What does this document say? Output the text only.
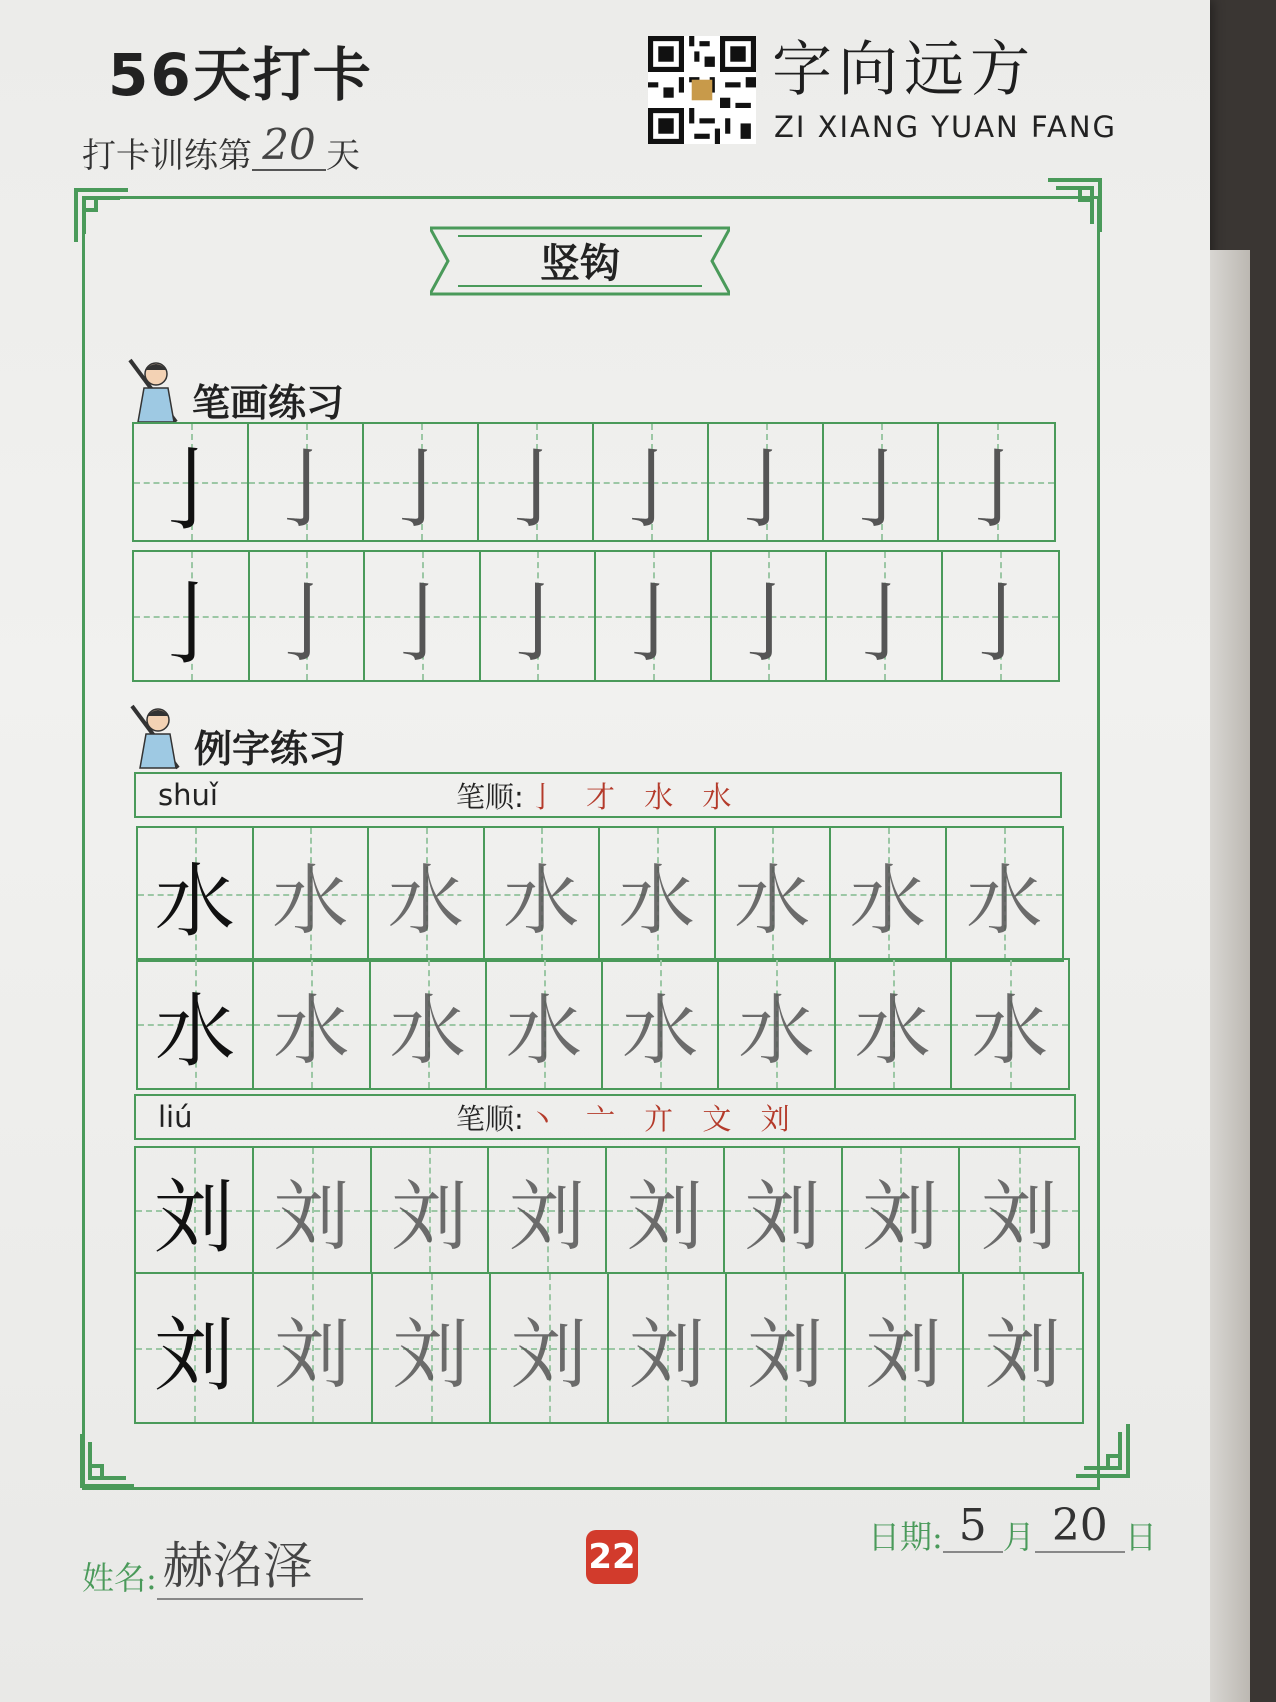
56天打卡
打卡训练第 20 天
字向远方
ZI XIANG YUAN FANG
竖钩
笔画练习
亅 亅 亅 亅 亅 亅 亅 亅
亅 亅 亅 亅 亅 亅 亅 亅
例字练习
shuǐ	笔顺: 亅 才 水 水
水 水 水 水 水 水 水 水
水 水 水 水 水 水 水 水
liú	笔顺: 丶 亠 亣 文 刘
刘 刘 刘 刘 刘 刘 刘 刘
刘 刘 刘 刘 刘 刘 刘 刘
姓名: 赫洺泽	22	日期: 5 月 20 日
